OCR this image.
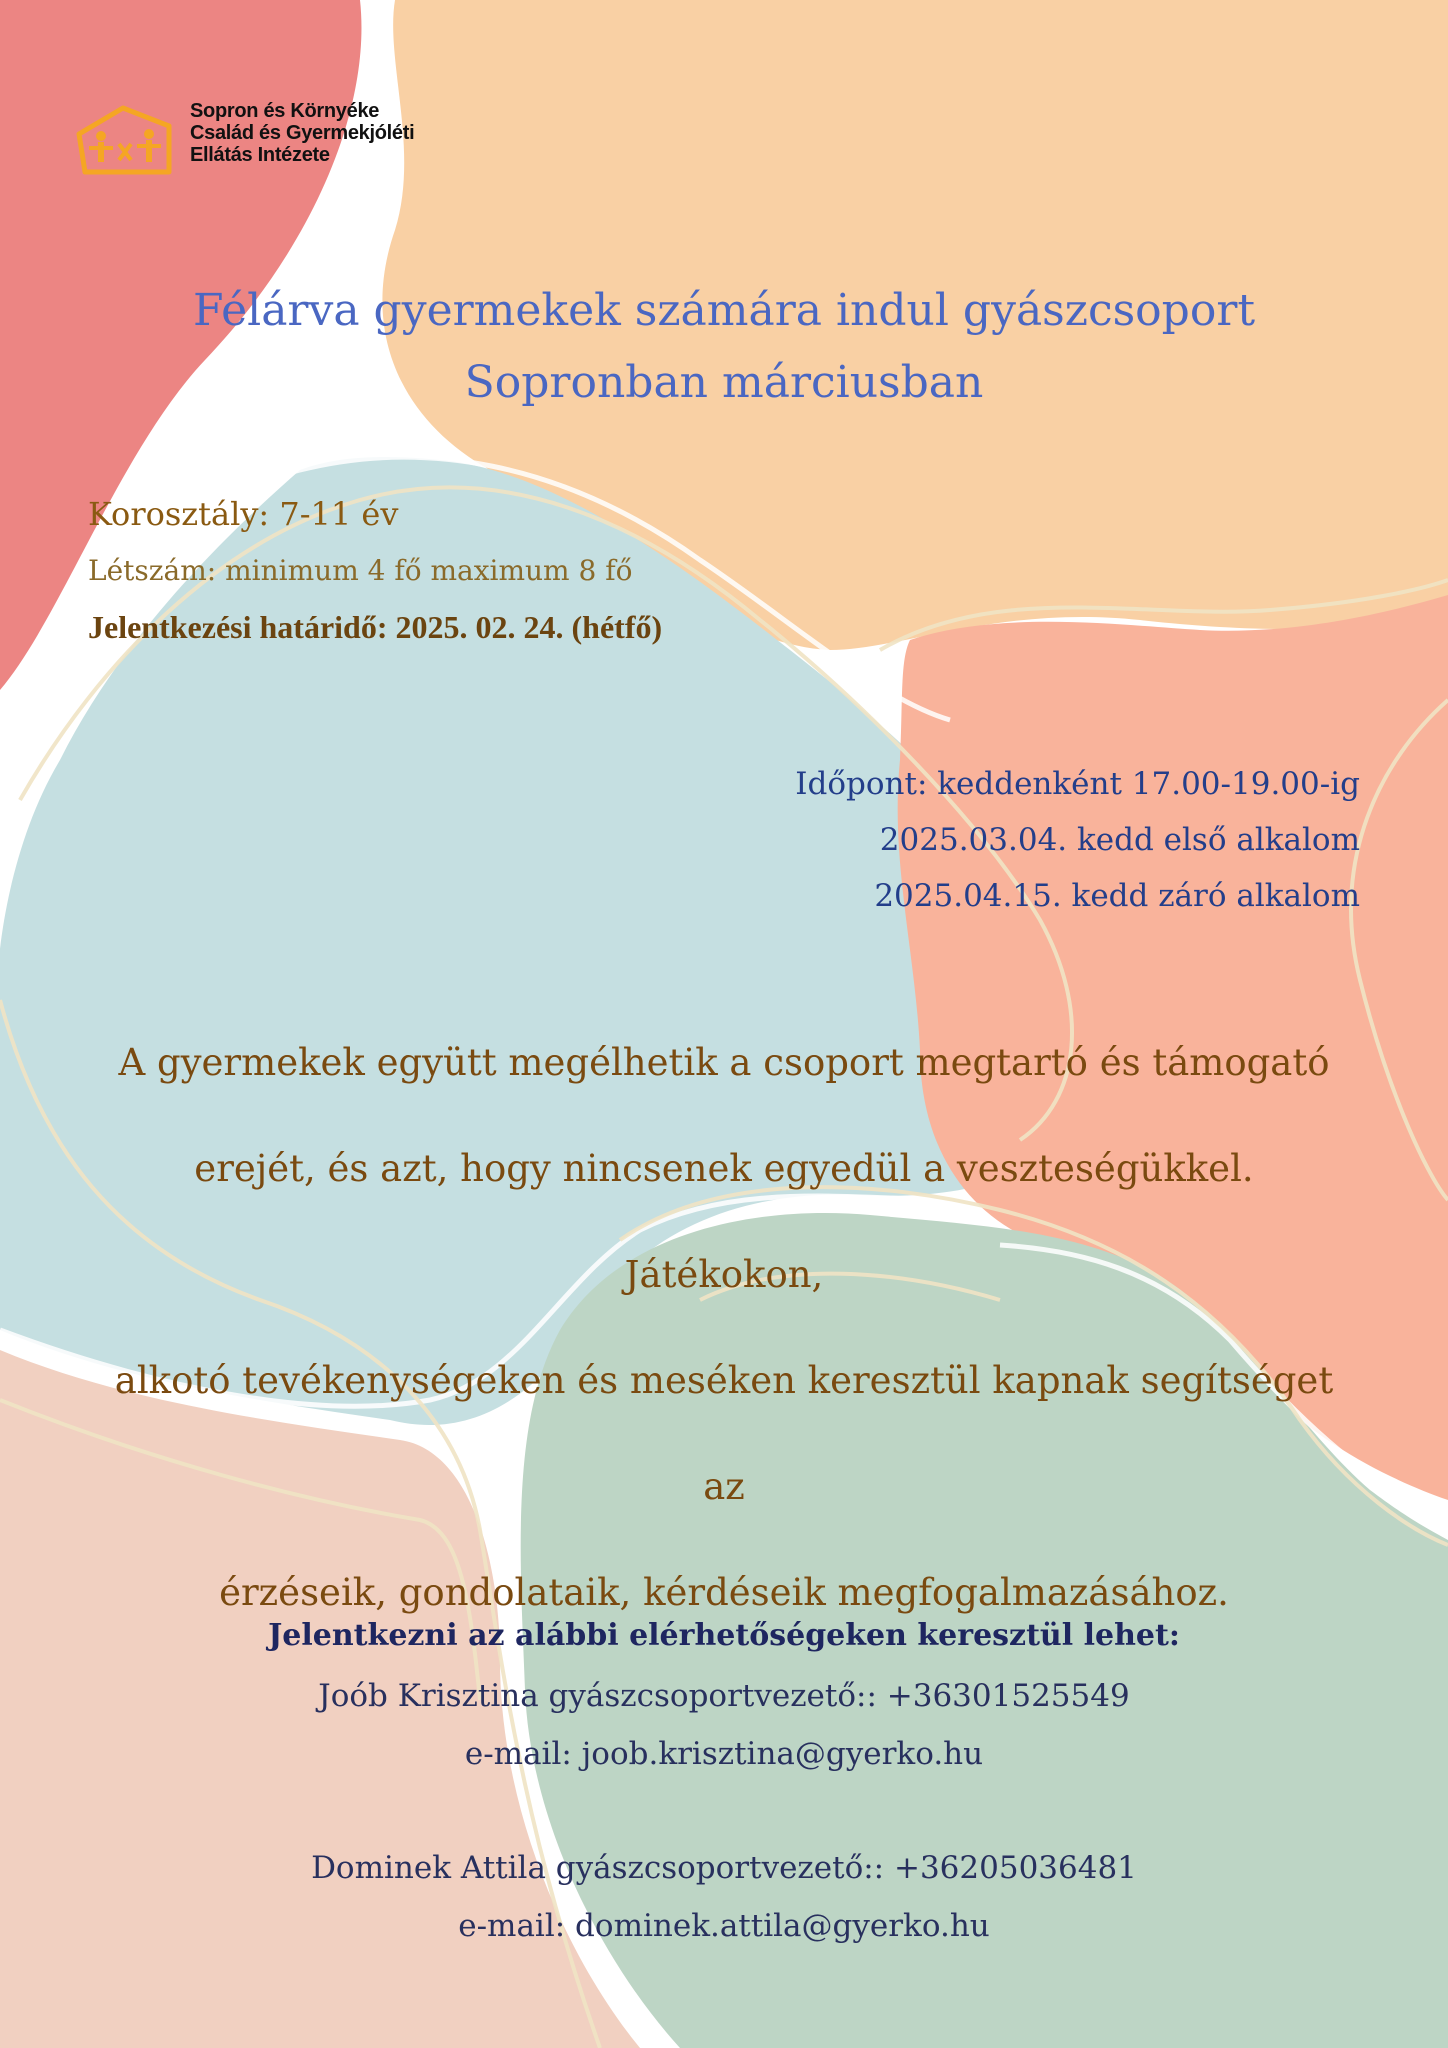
Sopron és Környéke
Család és Gyermekjóléti
Ellátás Intézete
Félárva gyermekek számára indul gyászcsoport
Sopronban márciusban
Korosztály: 7-11 év
Létszám: minimum 4 fő maximum 8 fő
Jelentkezési határidő: 2025. 02. 24. (hétfő)
Időpont: keddenként 17.00-19.00-ig
2025.03.04. kedd első alkalom
2025.04.15. kedd záró alkalom
A gyermekek együtt megélhetik a csoport megtartó és támogató
erejét, és azt, hogy nincsenek egyedül a veszteségükkel. Játékokon,
alkotó tevékenységeken és meséken keresztül kapnak segítséget az
érzéseik, gondolataik, kérdéseik megfogalmazásához.
Jelentkezni az alábbi elérhetőségeken keresztül lehet:
Joób Krisztina gyászcsoportvezető:: +36301525549
e-mail: joob.krisztina@gyerko.hu
Dominek Attila gyászcsoportvezető:: +36205036481
e-mail: dominek.attila@gyerko.hu
